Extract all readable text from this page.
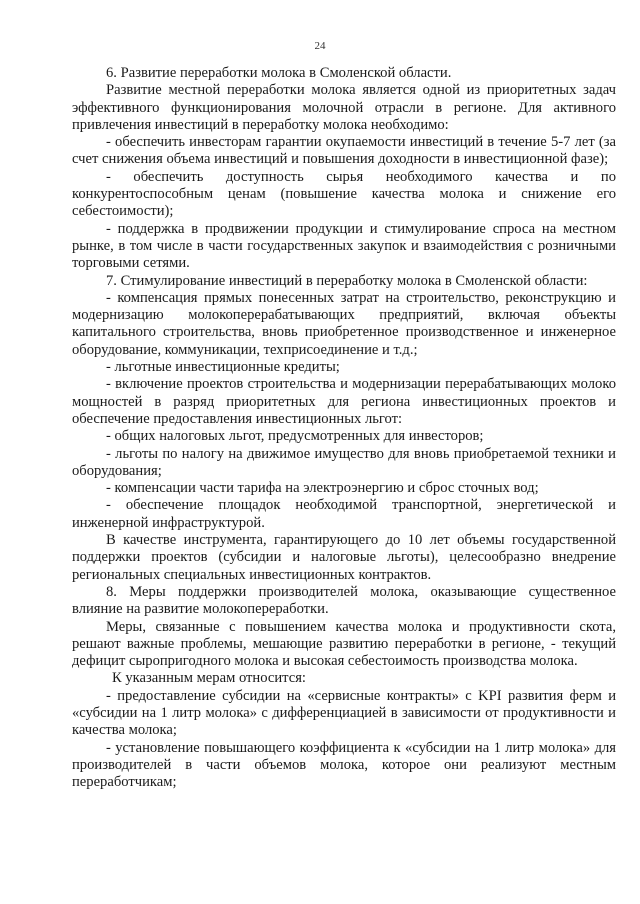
24

6. Развитие переработки молока в Смоленской области.

Развитие местной переработки молока является одной из приоритетных задач эффективного функционирования молочной отрасли в регионе. Для активного привлечения инвестиций в переработку молока необходимо:

- обеспечить инвесторам гарантии окупаемости инвестиций в течение 5-7 лет (за счет снижения объема инвестиций и повышения доходности в инвестиционной фазе);

- обеспечить доступность сырья необходимого качества и по конкурентоспособным ценам (повышение качества молока и снижение его себестоимости);

- поддержка в продвижении продукции и стимулирование спроса на местном рынке, в том числе в части государственных закупок и взаимодействия с розничными торговыми сетями.

7. Стимулирование инвестиций в переработку молока в Смоленской области:

- компенсация прямых понесенных затрат на строительство, реконструкцию и модернизацию молокоперерабатывающих предприятий, включая объекты капитального строительства, вновь приобретенное производственное и инженерное оборудование, коммуникации, техприсоединение и т.д.;

- льготные инвестиционные кредиты;

- включение проектов строительства и модернизации перерабатывающих молоко мощностей в разряд приоритетных для региона инвестиционных проектов и обеспечение предоставления инвестиционных льгот:

- общих налоговых льгот, предусмотренных для инвесторов;

- льготы по налогу на движимое имущество для вновь приобретаемой техники и оборудования;

- компенсации части тарифа на электроэнергию и сброс сточных вод;

- обеспечение площадок необходимой транспортной, энергетической и инженерной инфраструктурой.

В качестве инструмента, гарантирующего до 10 лет объемы государственной поддержки проектов (субсидии и налоговые льготы), целесообразно внедрение региональных специальных инвестиционных контрактов.

8. Меры поддержки производителей молока, оказывающие существенное влияние на развитие молокопереработки.

Меры, связанные с повышением качества молока и продуктивности скота, решают важные проблемы, мешающие развитию переработки в регионе, - текущий дефицит сыропригодного молока и высокая себестоимость производства молока.

К указанным мерам относится:

- предоставление субсидии на «сервисные контракты» с KPI развития ферм и «субсидии на 1 литр молока» с дифференциацией в зависимости от продуктивности и качества молока;

- установление повышающего коэффициента к «субсидии на 1 литр молока» для производителей в части объемов молока, которое они реализуют местным переработчикам;
